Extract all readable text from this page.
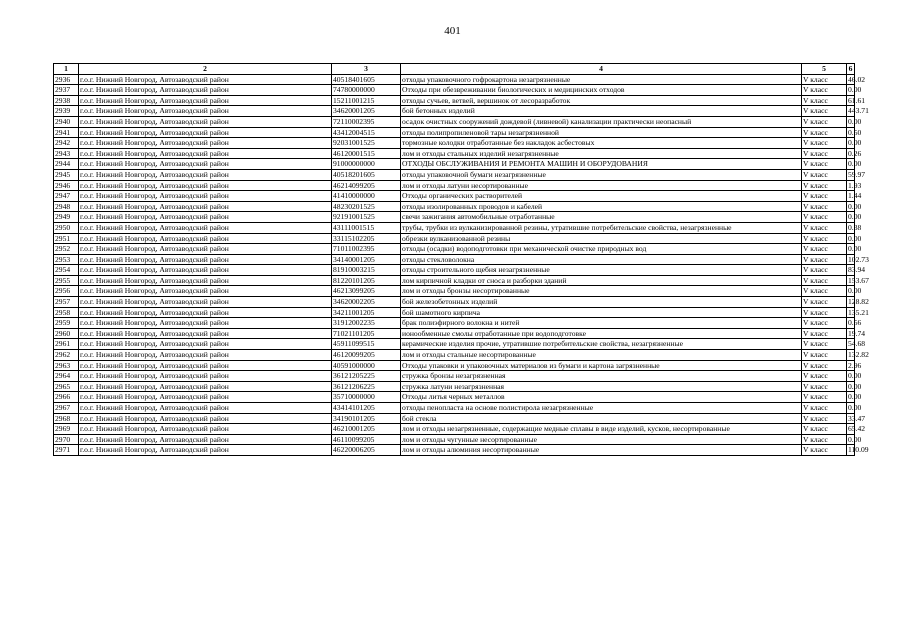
401
1	2	3	4	5	6
2936	г.о.г. Нижний Новгород, Автозаводский район	40518401605	отходы упаковочного гофрокартона незагрязненные	V класс	46.02
2937	г.о.г. Нижний Новгород, Автозаводский район	74780000000	Отходы при обезвреживании биологических и медицинских отходов	V класс	0.00
2938	г.о.г. Нижний Новгород, Автозаводский район	15211001215	отходы сучьев, ветвей, вершинок от лесоразработок	V класс	61.61
2939	г.о.г. Нижний Новгород, Автозаводский район	34620001205	бой бетонных изделий	V класс	443.71
2940	г.о.г. Нижний Новгород, Автозаводский район	72110002395	осадок очистных сооружений дождевой (ливневой) канализации практически неопасный	V класс	0.00
2941	г.о.г. Нижний Новгород, Автозаводский район	43412004515	отходы полипропиленовой тары незагрязненной	V класс	0.50
2942	г.о.г. Нижний Новгород, Автозаводский район	92031001525	тормозные колодки отработанные без накладок асбестовых	V класс	0.00
2943	г.о.г. Нижний Новгород, Автозаводский район	46120001515	лом и отходы стальных изделий незагрязненные	V класс	0.26
2944	г.о.г. Нижний Новгород, Автозаводский район	91000000000	ОТХОДЫ ОБСЛУЖИВАНИЯ И РЕМОНТА МАШИН И ОБОРУДОВАНИЯ	V класс	0.00
2945	г.о.г. Нижний Новгород, Автозаводский район	40518201605	отходы упаковочной бумаги незагрязненные	V класс	59.97
2946	г.о.г. Нижний Новгород, Автозаводский район	46214099205	лом и отходы латуни несортированные	V класс	1.93
2947	г.о.г. Нижний Новгород, Автозаводский район	41410000000	Отходы органических растворителей	V класс	1.44
2948	г.о.г. Нижний Новгород, Автозаводский район	48230201525	отходы изолированных проводов и кабелей	V класс	0.00
2949	г.о.г. Нижний Новгород, Автозаводский район	92191001525	свечи зажигания автомобильные отработанные	V класс	0.00
2950	г.о.г. Нижний Новгород, Автозаводский район	43111001515	трубы, трубки из вулканизированной резины, утратившие потребительские свойства, незагрязненные	V класс	0.38
2951	г.о.г. Нижний Новгород, Автозаводский район	33115102205	обрезки вулканизованной резины	V класс	0.00
2952	г.о.г. Нижний Новгород, Автозаводский район	71011002395	отходы (осадки) водоподготовки при механической очистке природных вод	V класс	0.00
2953	г.о.г. Нижний Новгород, Автозаводский район	34140001205	отходы стекловолокна	V класс	102.73
2954	г.о.г. Нижний Новгород, Автозаводский район	81910003215	отходы строительного щебня незагрязненные	V класс	83.94
2955	г.о.г. Нижний Новгород, Автозаводский район	81220101205	лом кирпичной кладки от сноса и разборки зданий	V класс	153.67
2956	г.о.г. Нижний Новгород, Автозаводский район	46213099205	лом и отходы бронзы несортированные	V класс	0.00
2957	г.о.г. Нижний Новгород, Автозаводский район	34620002205	бой железобетонных изделий	V класс	128.82
2958	г.о.г. Нижний Новгород, Автозаводский район	34211001205	бой шамотного кирпича	V класс	135.21
2959	г.о.г. Нижний Новгород, Автозаводский район	31912002235	брак полиэфирного волокна и нитей	V класс	0.56
2960	г.о.г. Нижний Новгород, Автозаводский район	71021101205	ионообменные смолы отработанные при водоподготовке	V класс	19.74
2961	г.о.г. Нижний Новгород, Автозаводский район	45911099515	керамические изделия прочие, утратившие потребительские свойства, незагрязненные	V класс	54.68
2962	г.о.г. Нижний Новгород, Автозаводский район	46120099205	лом и отходы стальные несортированные	V класс	132.82
2963	г.о.г. Нижний Новгород, Автозаводский район	40591000000	Отходы упаковки и упаковочных материалов из бумаги и картона загрязненные	V класс	2.96
2964	г.о.г. Нижний Новгород, Автозаводский район	36121205225	стружка бронзы незагрязненная	V класс	0.00
2965	г.о.г. Нижний Новгород, Автозаводский район	36121206225	стружка латуни незагрязненная	V класс	0.00
2966	г.о.г. Нижний Новгород, Автозаводский район	35710000000	Отходы литья черных металлов	V класс	0.00
2967	г.о.г. Нижний Новгород, Автозаводский район	43414101205	отходы пенопласта на основе полистирола незагрязненные	V класс	0.00
2968	г.о.г. Нижний Новгород, Автозаводский район	34190101205	бой стекла	V класс	33.47
2969	г.о.г. Нижний Новгород, Автозаводский район	46210001205	лом и отходы незагрязненные, содержащие медные сплавы в виде изделий, кусков, несортированные	V класс	65.42
2970	г.о.г. Нижний Новгород, Автозаводский район	46110099205	лом и отходы чугунные несортированные	V класс	0.00
2971	г.о.г. Нижний Новгород, Автозаводский район	46220006205	лом и отходы алюминия несортированные	V класс	110.09
